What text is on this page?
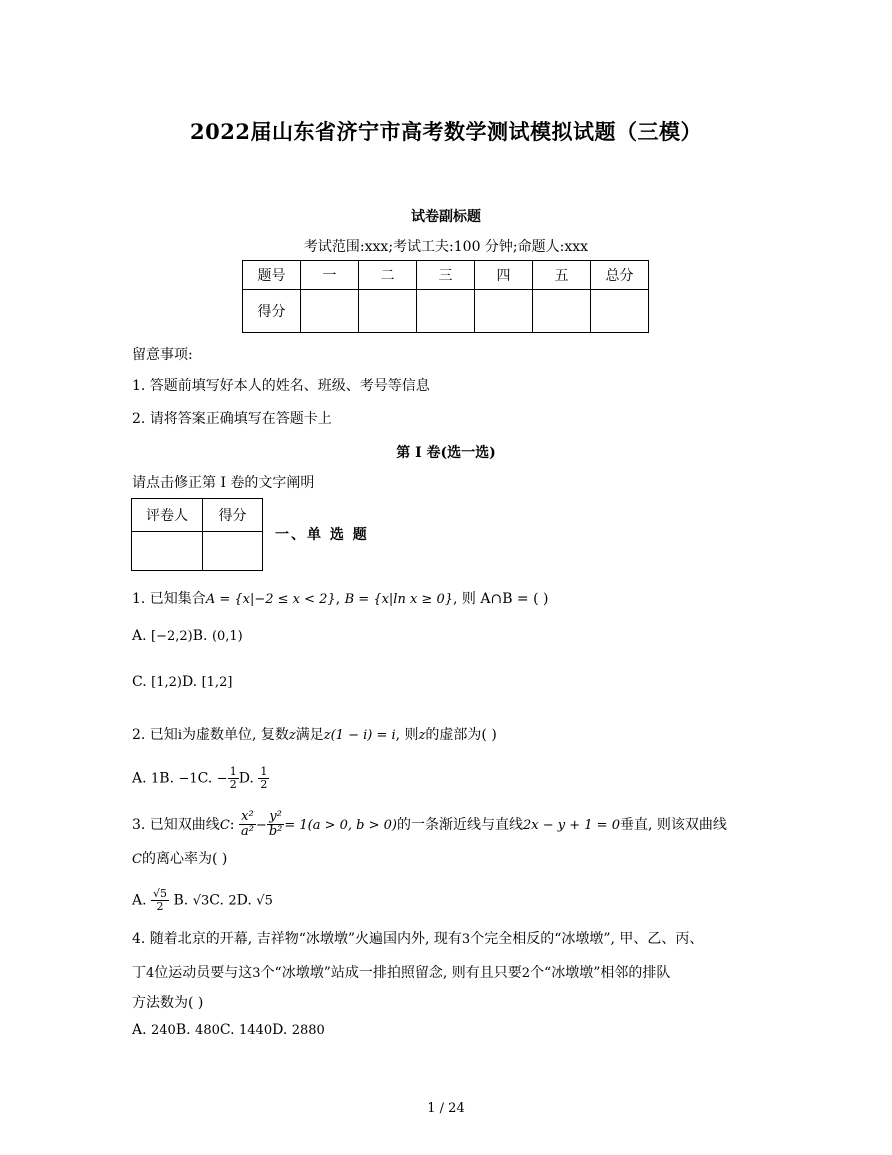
2022届山东省济宁市高考数学测试模拟试题（三模）
试卷副标题
考试范围:xxx;考试工夫:100 分钟;命题人:xxx
题号	一	二	三	四	五	总分
得分						
留意事项:
1. 答题前填写好本人的姓名、班级、考号等信息
2. 请将答案正确填写在答题卡上
第 I 卷(选一选)
请点击修正第 I 卷的文字阐明
评卷人	得分

一、单 选 题
1. 已知集合A = {x|−2 ≤ x < 2}, B = {x|ln x ≥ 0}, 则 A∩B = ( )
A. [−2,2)B. (0,1)
C. [1,2)D. [1,2]
2. 已知i为虚数单位, 复数z满足z(1 − i) = i, 则z的虚部为( )
A. 1B. −1C. − $\frac{1}{2} D$. $\frac{1}{2}$
3. 已知双曲线C: $\frac{\text{x²}}{\text{a²}} - \frac{\text{y²}}{\text{b²}} = 1(a > 0$, b > 0)的一条渐近线与直线2x − y + 1 = 0垂直, 则该双曲线
C的离心率为( )
A. $\frac{√5}{2} B$. √3C. 2D. √5
4. 随着北京的开幕, 吉祥物“冰墩墩”火遍国内外, 现有3个完全相反的“冰墩墩”, 甲、乙、丙、
丁4位运动员要与这3个“冰墩墩”站成一排拍照留念, 则有且只要2个“冰墩墩”相邻的排队
方法数为( )
A. 240B. 480C. 1440D. 2880
1 / 24
